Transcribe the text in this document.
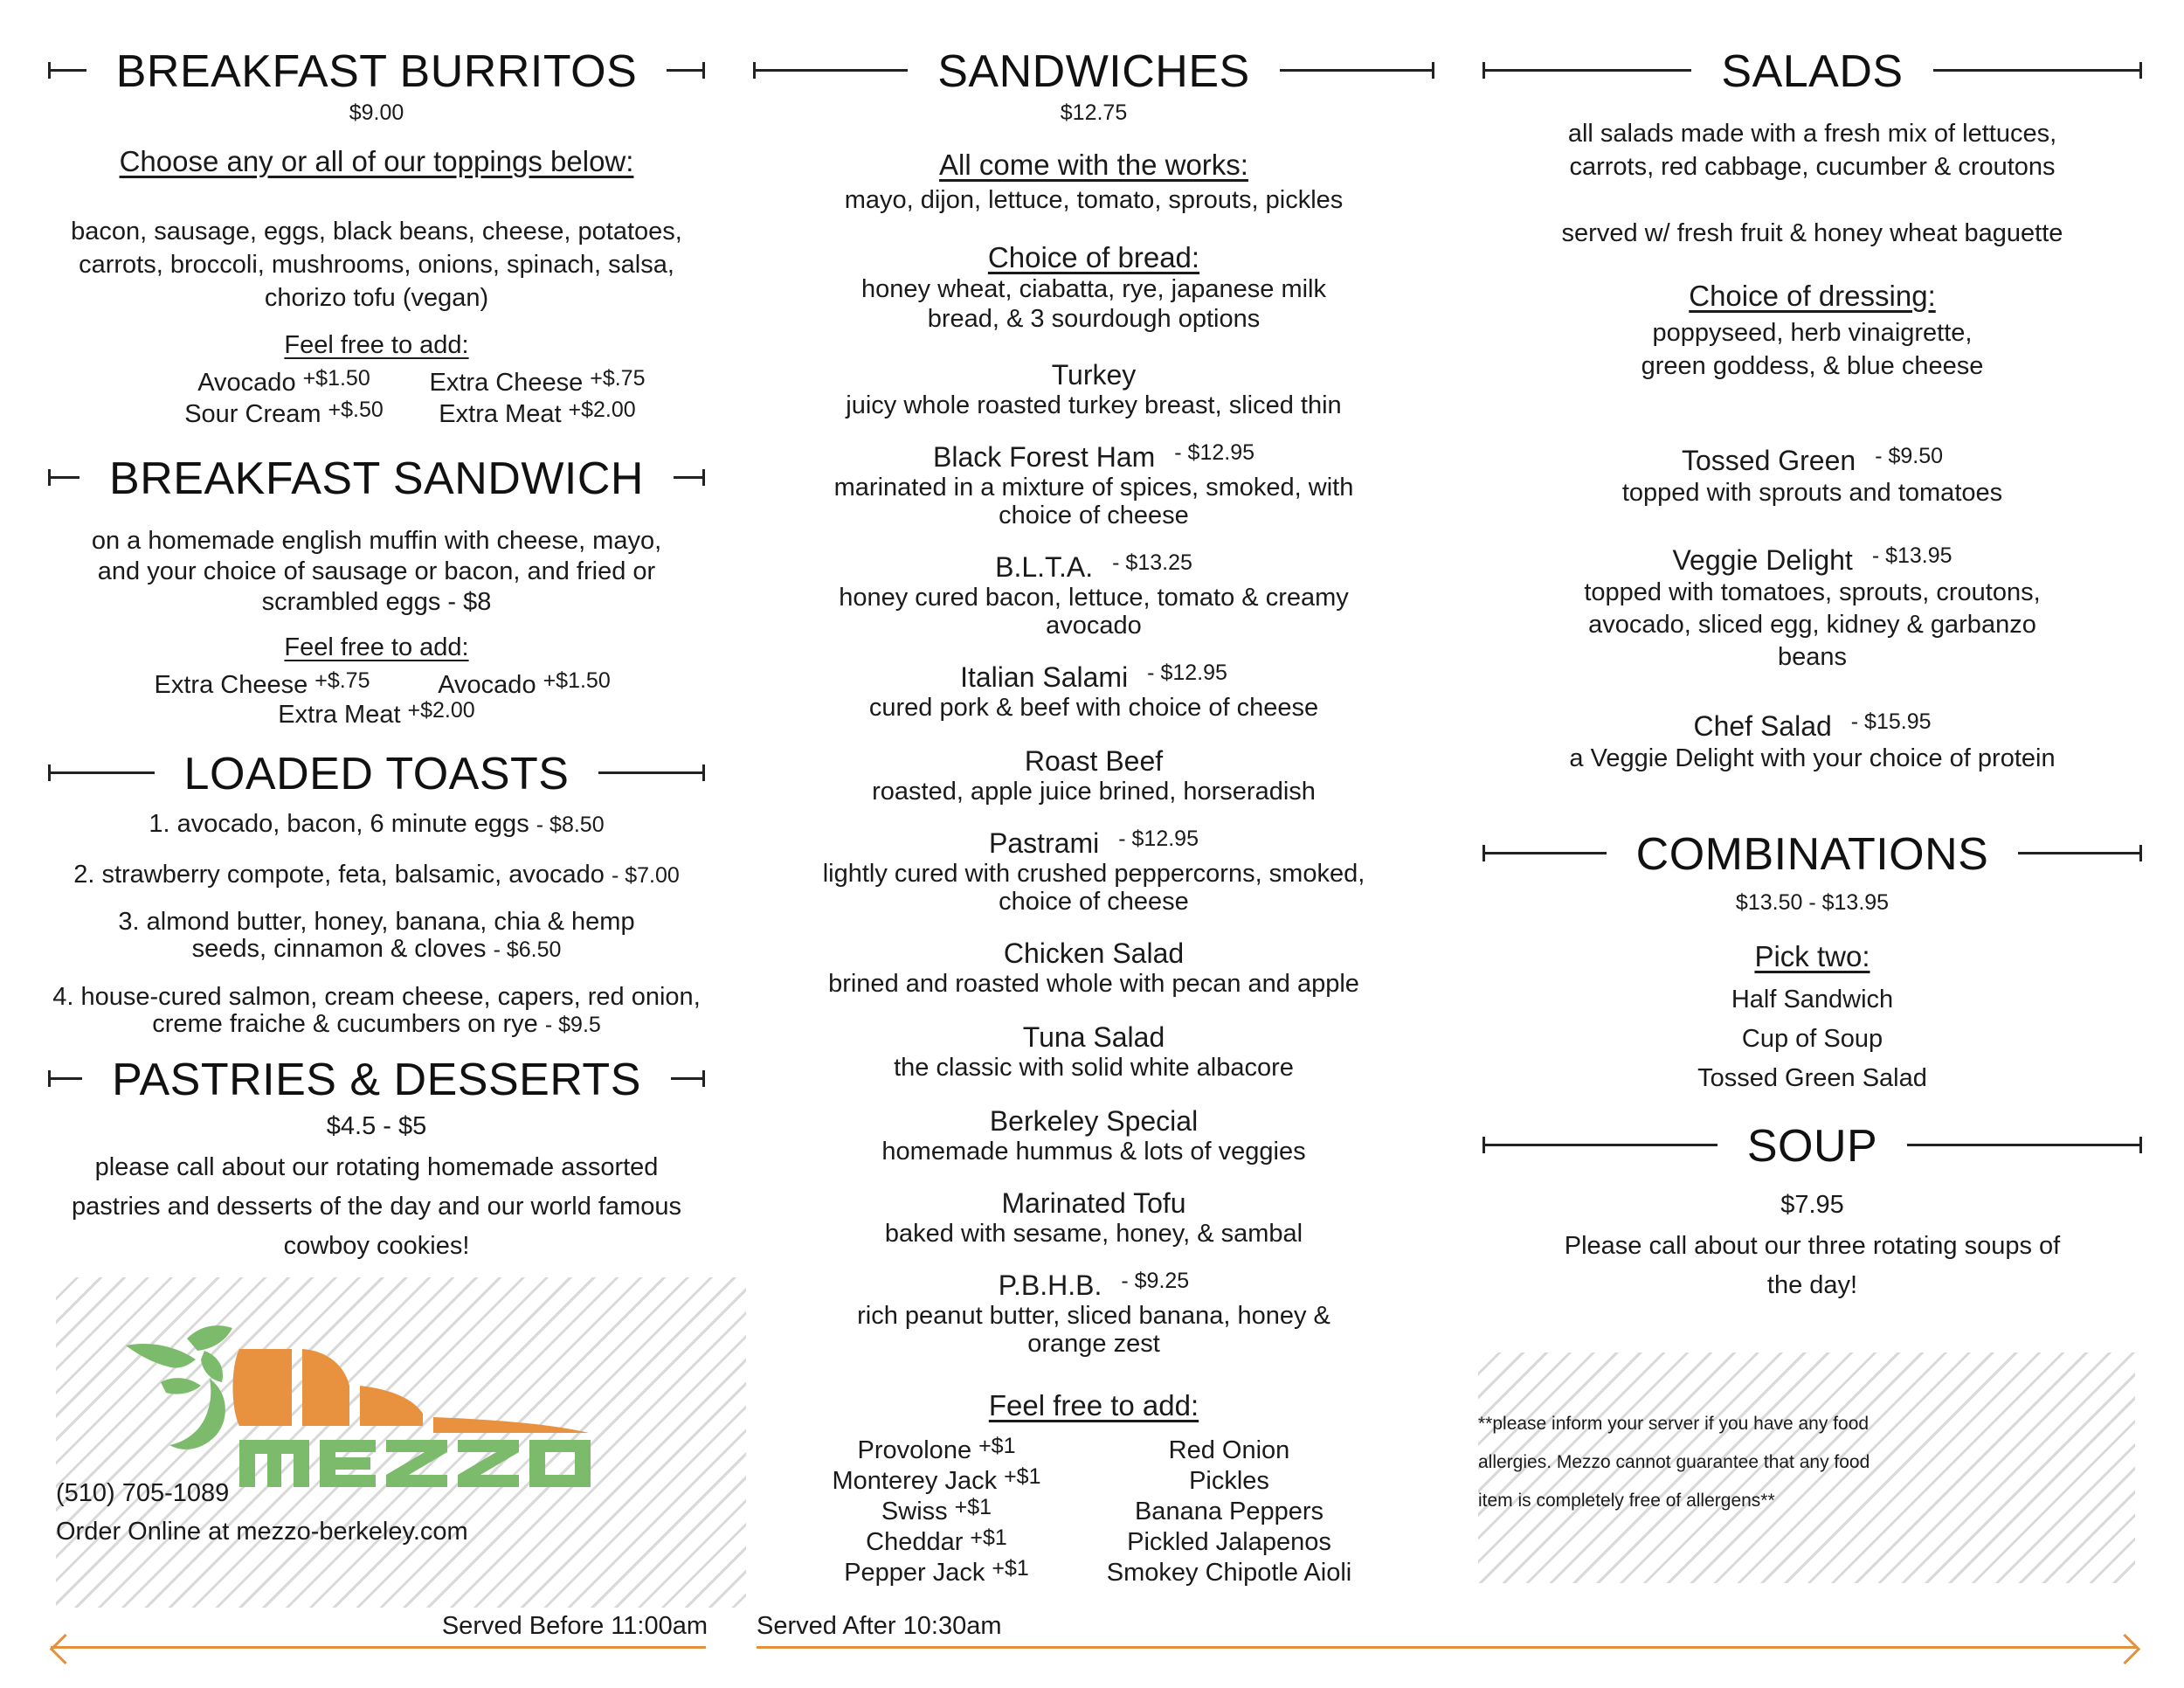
BREAKFAST BURRITOS
$9.00
Choose any or all of our toppings below:
bacon, sausage, eggs, black beans, cheese, potatoes,
carrots, broccoli, mushrooms, onions, spinach, salsa,
chorizo tofu (vegan)
Feel free to add:
Avocado +$1.50	Extra Cheese +$.75
Sour Cream +$.50	Extra Meat +$2.00
BREAKFAST SANDWICH
on a homemade english muffin with cheese, mayo,
and your choice of sausage or bacon, and fried or
scrambled eggs - $8
Feel free to add:
Extra Cheese +$.75	Avocado +$1.50
Extra Meat +$2.00
LOADED TOASTS
1. avocado, bacon, 6 minute eggs - $8.50
2. strawberry compote, feta, balsamic, avocado - $7.00
3. almond butter, honey, banana, chia & hemp
seeds, cinnamon & cloves - $6.50
4. house-cured salmon, cream cheese, capers, red onion,
creme fraiche & cucumbers on rye - $9.5
PASTRIES & DESSERTS
$4.5 - $5
please call about our rotating homemade assorted
pastries and desserts of the day and our world famous
cowboy cookies!
(510) 705-1089
Order Online at mezzo-berkeley.com
SANDWICHES
$12.75
All come with the works:
mayo, dijon, lettuce, tomato, sprouts, pickles
Choice of bread:
honey wheat, ciabatta, rye, japanese milk
bread, & 3 sourdough options
Turkey
juicy whole roasted turkey breast, sliced thin
Black Forest Ham - $12.95
marinated in a mixture of spices, smoked, with
choice of cheese
B.L.T.A. - $13.25
honey cured bacon, lettuce, tomato & creamy
avocado
Italian Salami - $12.95
cured pork & beef with choice of cheese
Roast Beef
roasted, apple juice brined, horseradish
Pastrami - $12.95
lightly cured with crushed peppercorns, smoked,
choice of cheese
Chicken Salad
brined and roasted whole with pecan and apple
Tuna Salad
the classic with solid white albacore
Berkeley Special
homemade hummus & lots of veggies
Marinated Tofu
baked with sesame, honey, & sambal
P.B.H.B. - $9.25
rich peanut butter, sliced banana, honey &
orange zest
Feel free to add:
Provolone +$1
Monterey Jack +$1
Swiss +$1
Cheddar +$1
Pepper Jack +$1
Red Onion
Pickles
Banana Peppers
Pickled Jalapenos
Smokey Chipotle Aioli
SALADS
all salads made with a fresh mix of lettuces,
carrots, red cabbage, cucumber & croutons
served w/ fresh fruit & honey wheat baguette
Choice of dressing:
poppyseed, herb vinaigrette,
green goddess, & blue cheese
Tossed Green - $9.50
topped with sprouts and tomatoes
Veggie Delight - $13.95
topped with tomatoes, sprouts, croutons,
avocado, sliced egg, kidney & garbanzo
beans
Chef Salad - $15.95
a Veggie Delight with your choice of protein
COMBINATIONS
$13.50 - $13.95
Pick two:
Half Sandwich
Cup of Soup
Tossed Green Salad
SOUP
$7.95
Please call about our three rotating soups of
the day!
**please inform your server if you have any food
allergies. Mezzo cannot guarantee that any food
item is completely free of allergens**
Served Before 11:00am Served After 10:30am
